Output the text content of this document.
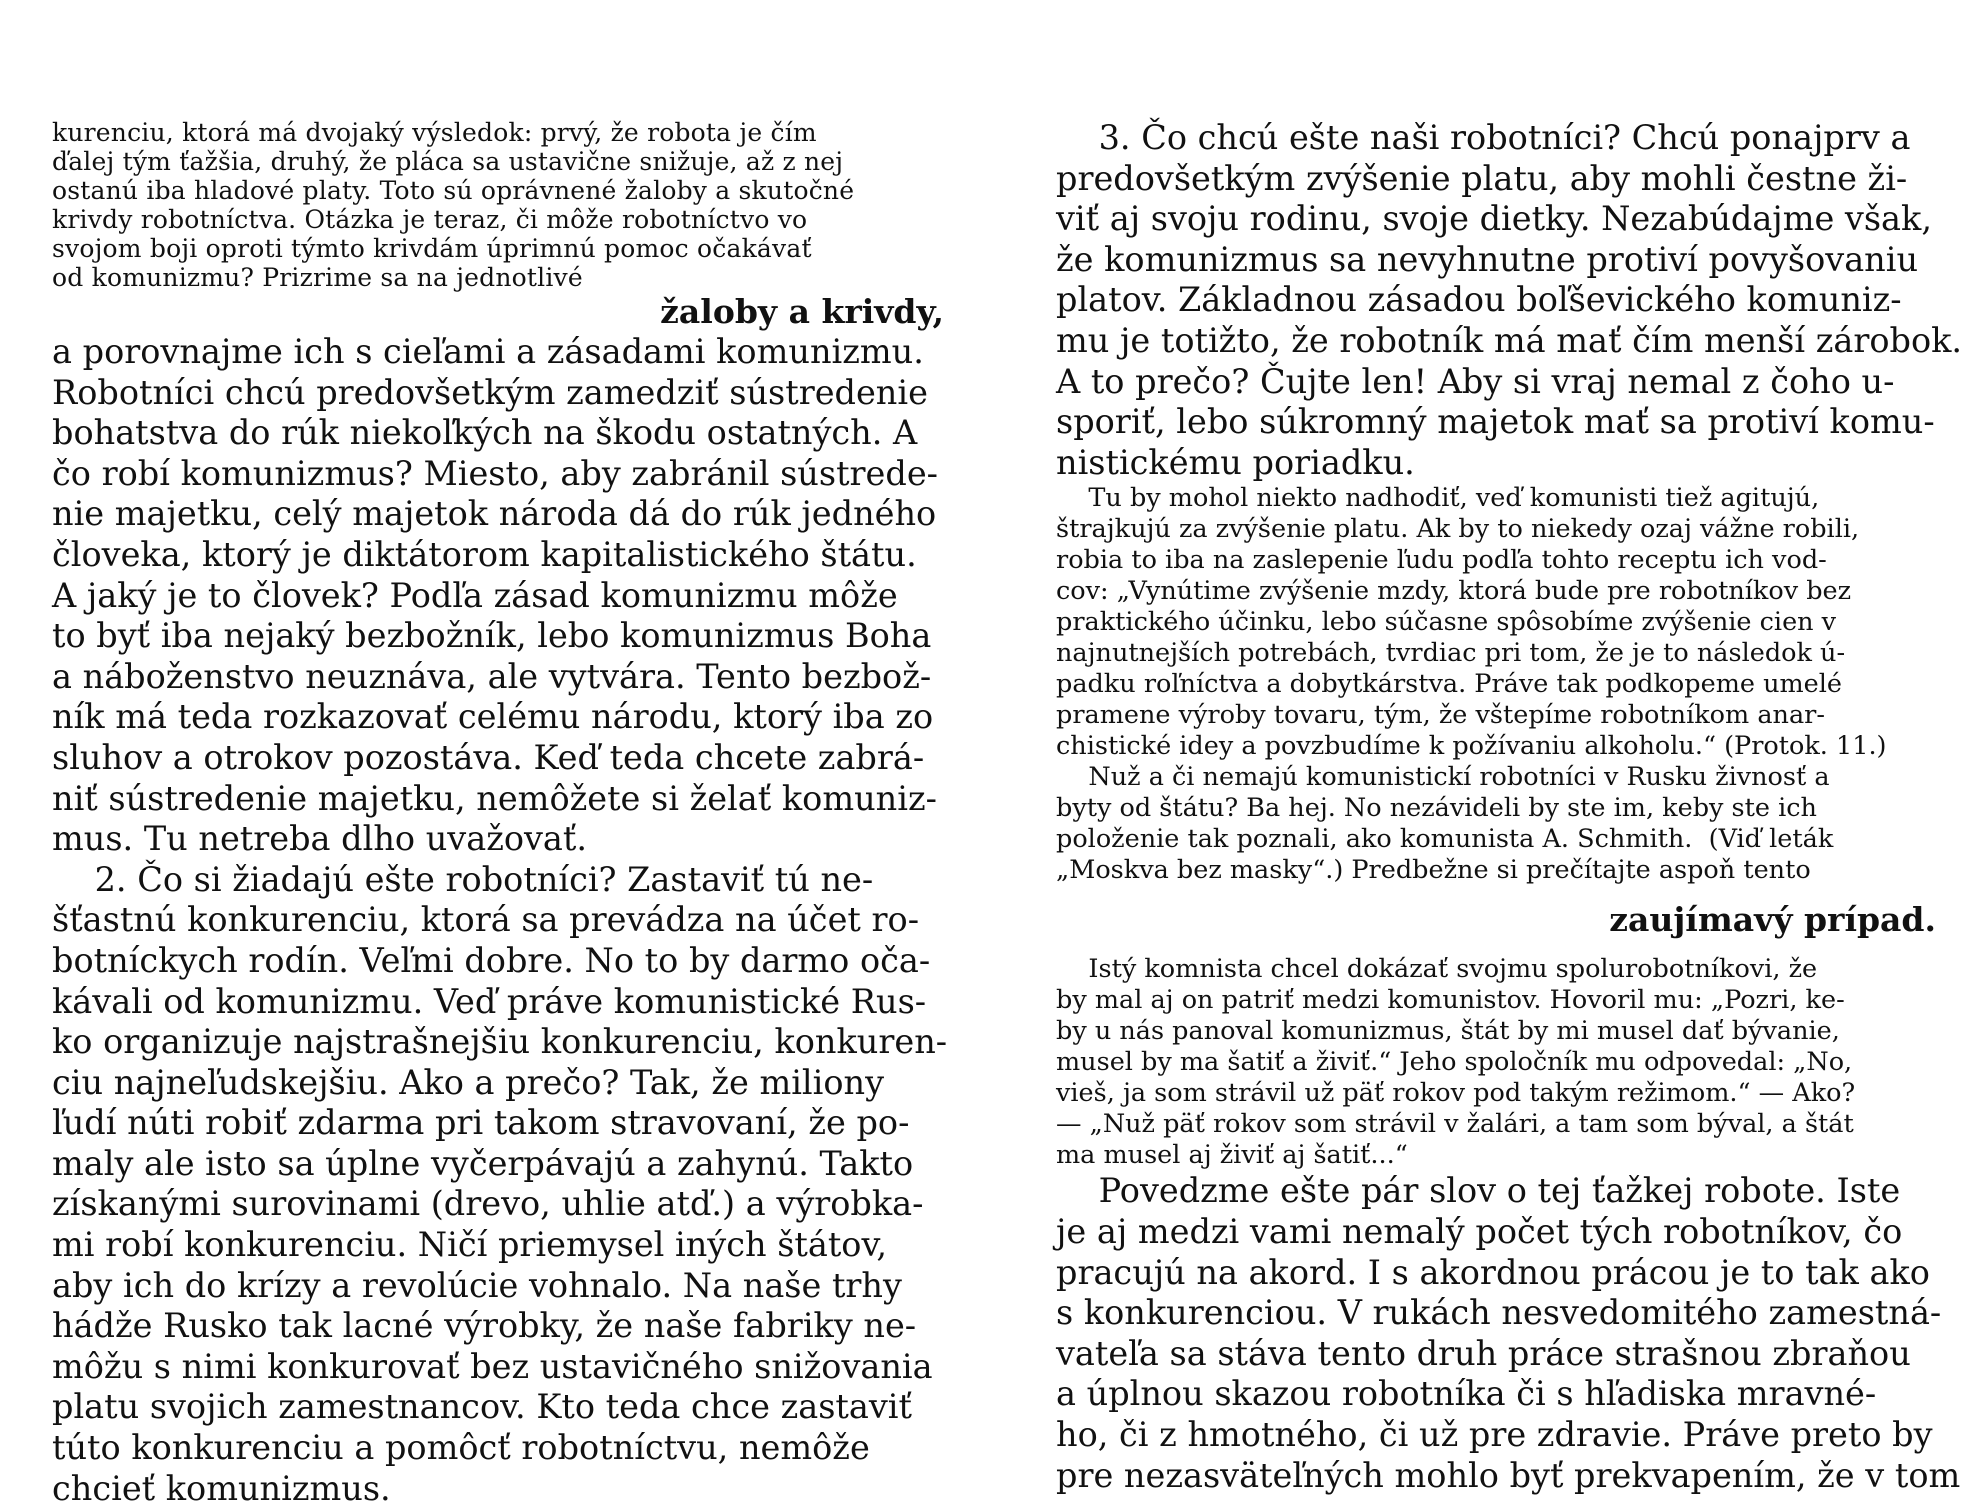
kurenciu, ktorá má dvojaký výsledok: prvý, že robota je čím
ďalej tým ťažšia, druhý, že pláca sa ustavične snižuje, až z nej
ostanú iba hladové platy. Toto sú oprávnené žaloby a skutočné
krivdy robotníctva. Otázka je teraz, či môže robotníctvo vo
svojom boji oproti týmto krivdám úprimnú pomoc očakávať
od komunizmu? Prizrime sa na jednotlivé
žaloby a krivdy,
a porovnajme ich s cieľami a zásadami komunizmu.
Robotníci chcú predovšetkým zamedziť sústredenie
bohatstva do rúk niekoľkých na škodu ostatných. A
čo robí komunizmus? Miesto, aby zabránil sústrede-
nie majetku, celý majetok národa dá do rúk jedného
človeka, ktorý je diktátorom kapitalistického štátu.
A jaký je to človek? Podľa zásad komunizmu môže
to byť iba nejaký bezbožník, lebo komunizmus Boha
a náboženstvo neuznáva, ale vytvára. Tento bezbož-
ník má teda rozkazovať celému národu, ktorý iba zo
sluhov a otrokov pozostáva. Keď teda chcete zabrá-
niť sústredenie majetku, nemôžete si želať komuniz-
mus. Tu netreba dlho uvažovať.
2. Čo si žiadajú ešte robotníci? Zastaviť tú ne-
šťastnú konkurenciu, ktorá sa prevádza na účet ro-
botníckych rodín. Veľmi dobre. No to by darmo oča-
kávali od komunizmu. Veď práve komunistické Rus-
ko organizuje najstrašnejšiu konkurenciu, konkuren-
ciu najneľudskejšiu. Ako a prečo? Tak, že miliony
ľudí núti robiť zdarma pri takom stravovaní, že po-
maly ale isto sa úplne vyčerpávajú a zahynú. Takto
získanými surovinami (drevo, uhlie atď.) a výrobka-
mi robí konkurenciu. Ničí priemysel iných štátov,
aby ich do krízy a revolúcie vohnalo. Na naše trhy
hádže Rusko tak lacné výrobky, že naše fabriky ne-
môžu s nimi konkurovať bez ustavičného snižovania
platu svojich zamestnancov. Kto teda chce zastaviť
túto konkurenciu a pomôcť robotníctvu, nemôže
chcieť komunizmus.
3. Čo chcú ešte naši robotníci? Chcú ponajprv a
predovšetkým zvýšenie platu, aby mohli čestne ži-
viť aj svoju rodinu, svoje dietky. Nezabúdajme však,
že komunizmus sa nevyhnutne protiví povyšovaniu
platov. Základnou zásadou boľševického komuniz-
mu je totižto, že robotník má mať čím menší zárobok.
A to prečo? Čujte len! Aby si vraj nemal z čoho u-
sporiť, lebo súkromný majetok mať sa protiví komu-
nistickému poriadku.
Tu by mohol niekto nadhodiť, veď komunisti tiež agitujú,
štrajkujú za zvýšenie platu. Ak by to niekedy ozaj vážne robili,
robia to iba na zaslepenie ľudu podľa tohto receptu ich vod-
cov: „Vynútime zvýšenie mzdy, ktorá bude pre robotníkov bez
praktického účinku, lebo súčasne spôsobíme zvýšenie cien v
najnutnejších potrebách, tvrdiac pri tom, že je to následok ú-
padku roľníctva a dobytkárstva. Práve tak podkopeme umelé
pramene výroby tovaru, tým, že vštepíme robotníkom anar-
chistické idey a povzbudíme k požívaniu alkoholu.“ (Protok. 11.)
Nuž a či nemajú komunistickí robotníci v Rusku živnosť a
byty od štátu? Ba hej. No nezávideli by ste im, keby ste ich
položenie tak poznali, ako komunista A. Schmith.  (Viď leták
„Moskva bez masky“.) Predbežne si prečítajte aspoň tento
zaujímavý prípad.
Istý komnista chcel dokázať svojmu spolurobotníkovi, že
by mal aj on patriť medzi komunistov. Hovoril mu: „Pozri, ke-
by u nás panoval komunizmus, štát by mi musel dať bývanie,
musel by ma šatiť a živiť.“ Jeho spoločník mu odpovedal: „No,
vieš, ja som strávil už päť rokov pod takým režimom.“ — Ako?
— „Nuž päť rokov som strávil v žalári, a tam som býval, a štát
ma musel aj živiť aj šatiť...“
Povedzme ešte pár slov o tej ťažkej robote. Iste
je aj medzi vami nemalý počet tých robotníkov, čo
pracujú na akord. I s akordnou prácou je to tak ako
s konkurenciou. V rukách nesvedomitého zamestná-
vateľa sa stáva tento druh práce strašnou zbraňou
a úplnou skazou robotníka či s hľadiska mravné-
ho, či z hmotného, či už pre zdravie. Práve preto by
pre nezasväteľných mohlo byť prekvapením, že v tom
